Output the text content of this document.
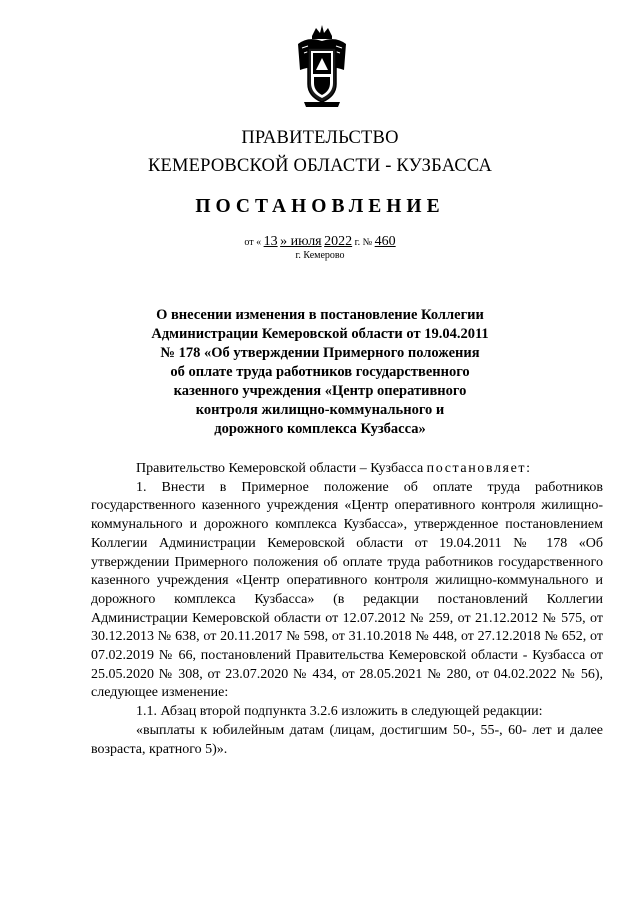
ПРАВИТЕЛЬСТВО
КЕМЕРОВСКОЙ ОБЛАСТИ - КУЗБАССА
ПОСТАНОВЛЕНИЕ
от « 13 » июля 2022 г. № 460
г. Кемерово
О внесении изменения в постановление Коллегии
Администрации Кемеровской области от 19.04.2011
№ 178 «Об утверждении Примерного положения
об оплате труда работников государственного
казенного учреждения «Центр оперативного
контроля жилищно-коммунального и
дорожного комплекса Кузбасса»

Правительство Кемеровской области – Кузбасса постановляет:

1. Внести в Примерное положение об оплате труда работников государственного казенного учреждения «Центр оперативного контроля жилищно-коммунального и дорожного комплекса Кузбасса», утвержденное постановлением Коллегии Администрации Кемеровской области от 19.04.2011 № 178 «Об утверждении Примерного положения об оплате труда работников государственного казенного учреждения «Центр оперативного контроля жилищно-коммунального и дорожного комплекса Кузбасса» (в редакции постановлений Коллегии Администрации Кемеровской области от 12.07.2012 № 259, от 21.12.2012 № 575, от 30.12.2013 № 638, от 20.11.2017 № 598, от 31.10.2018 № 448, от 27.12.2018 № 652, от 07.02.2019 № 66, постановлений Правительства Кемеровской области - Кузбасса от 25.05.2020 № 308, от 23.07.2020 № 434, от 28.05.2021 № 280, от 04.02.2022 № 56), следующее изменение:

1.1. Абзац второй подпункта 3.2.6 изложить в следующей редакции:

«выплаты к юбилейным датам (лицам, достигшим 50-, 55-, 60- лет и далее возраста, кратного 5)».
